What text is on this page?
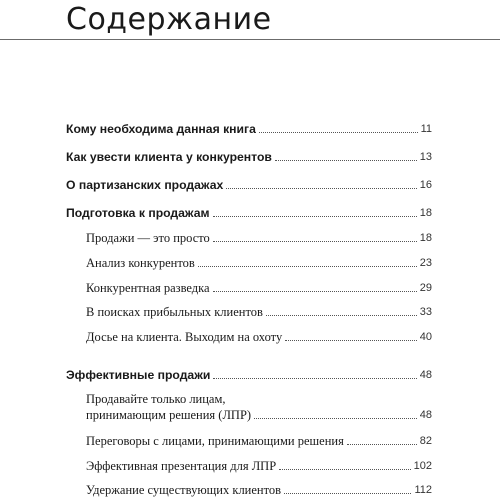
Содержание
Кому необходима данная книга	11
Как увести клиента у конкурентов	13
О партизанских продажах	16
Подготовка к продажам	18
Продажи — это просто	18
Анализ конкурентов	23
Конкурентная разведка	29
В поисках прибыльных клиентов	33
Досье на клиента. Выходим на охоту	40
Эффективные продажи	48
Продавайте только лицам,
принимающим решения (ЛПР)	48
Переговоры с лицами, принимающими решения	82
Эффективная презентация для ЛПР	102
Удержание существующих клиентов	112
